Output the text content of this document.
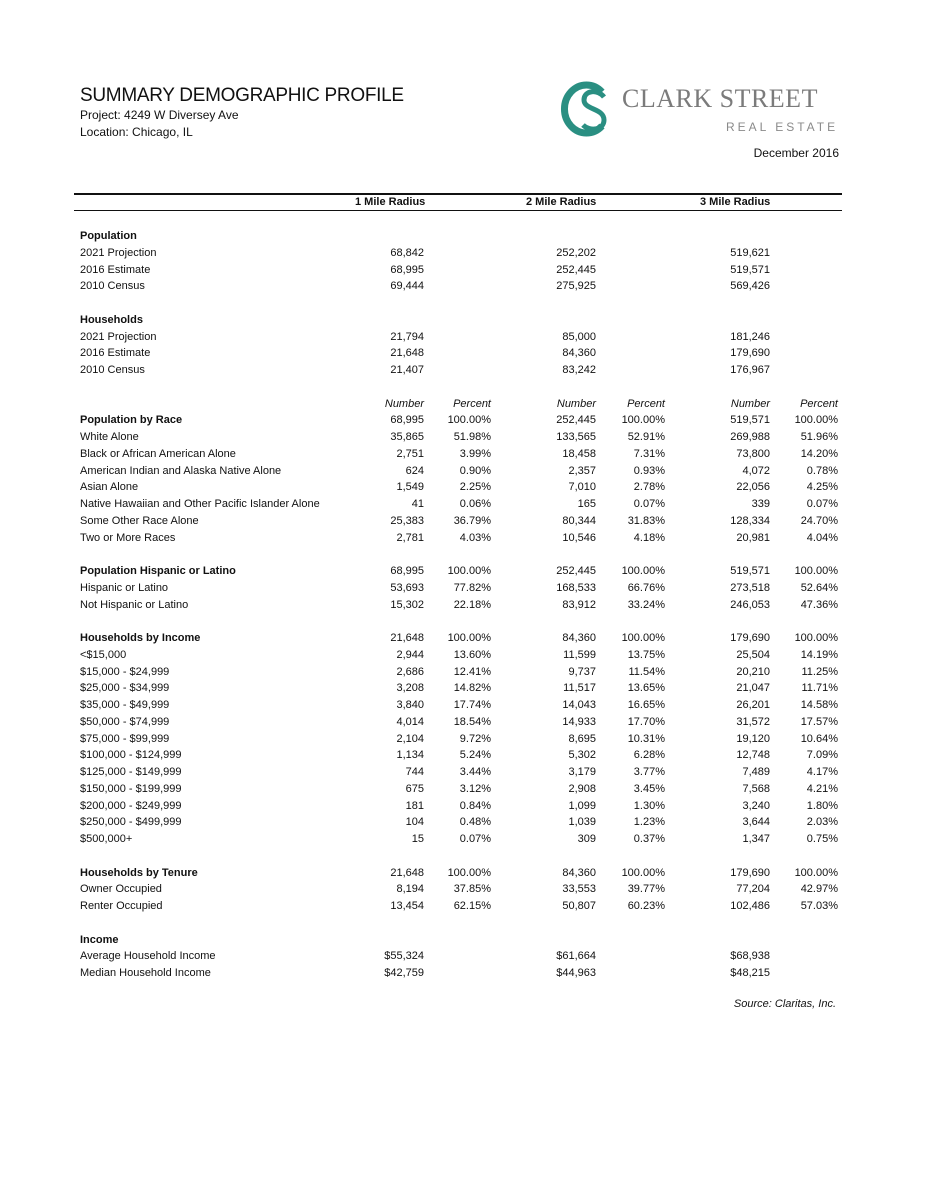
SUMMARY DEMOGRAPHIC PROFILE
Project: 4249 W Diversey Ave
Location: Chicago, IL
CLARK STREET
REAL ESTATE
December 2016
1 Mile Radius	2 Mile Radius	3 Mile Radius
Population
2021 Projection	68,842	252,202	519,621
2016 Estimate	68,995	252,445	519,571
2010 Census	69,444	275,925	569,426
Households
2021 Projection	21,794	85,000	181,246
2016 Estimate	21,648	84,360	179,690
2010 Census	21,407	83,242	176,967
Number	Percent	Number	Percent	Number	Percent
Population by Race	68,995 100.00%	252,445 100.00%	519,571 100.00%
White Alone	35,865	51.98%	133,565	52.91%	269,988	51.96%
Black or African American Alone	2,751	3.99%	18,458	7.31%	73,800	14.20%
American Indian and Alaska Native Alone	624	0.90%	2,357	0.93%	4,072	0.78%
Asian Alone	1,549	2.25%	7,010	2.78%	22,056	4.25%
Native Hawaiian and Other Pacific Islander Alone	41	0.06%	165	0.07%	339	0.07%
Some Other Race Alone	25,383	36.79%	80,344	31.83%	128,334	24.70%
Two or More Races	2,781	4.03%	10,546	4.18%	20,981	4.04%
Population Hispanic or Latino	68,995 100.00%	252,445 100.00%	519,571 100.00%
Hispanic or Latino	53,693	77.82%	168,533	66.76%	273,518	52.64%
Not Hispanic or Latino	15,302	22.18%	83,912	33.24%	246,053	47.36%
Households by Income	21,648 100.00%	84,360 100.00%	179,690 100.00%
<$15,000	2,944	13.60%	11,599	13.75%	25,504	14.19%
$15,000 - $24,999	2,686	12.41%	9,737	11.54%	20,210	11.25%
$25,000 - $34,999	3,208	14.82%	11,517	13.65%	21,047	11.71%
$35,000 - $49,999	3,840	17.74%	14,043	16.65%	26,201	14.58%
$50,000 - $74,999	4,014	18.54%	14,933	17.70%	31,572	17.57%
$75,000 - $99,999	2,104	9.72%	8,695	10.31%	19,120	10.64%
$100,000 - $124,999	1,134	5.24%	5,302	6.28%	12,748	7.09%
$125,000 - $149,999	744	3.44%	3,179	3.77%	7,489	4.17%
$150,000 - $199,999	675	3.12%	2,908	3.45%	7,568	4.21%
$200,000 - $249,999	181	0.84%	1,099	1.30%	3,240	1.80%
$250,000 - $499,999	104	0.48%	1,039	1.23%	3,644	2.03%
$500,000+	15	0.07%	309	0.37%	1,347	0.75%
Households by Tenure	21,648 100.00%	84,360 100.00%	179,690 100.00%
Owner Occupied	8,194	37.85%	33,553	39.77%	77,204	42.97%
Renter Occupied	13,454	62.15%	50,807	60.23%	102,486	57.03%
Income
Average Household Income	$55,324	$61,664	$68,938
Median Household Income	$42,759	$44,963	$48,215
Source: Claritas, Inc.
